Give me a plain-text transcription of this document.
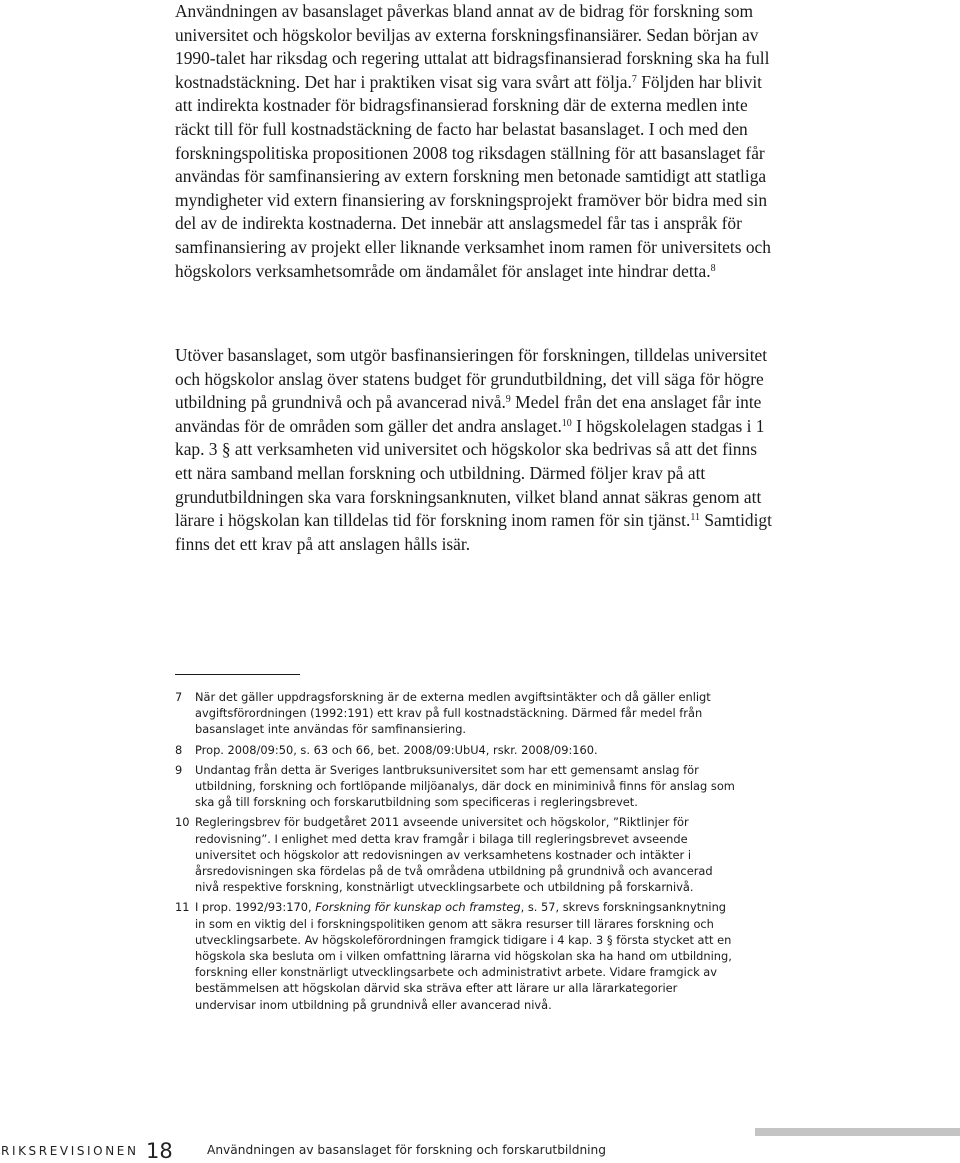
Användningen av basanslaget påverkas bland annat av de bidrag för forskning som universitet och högskolor beviljas av externa forskningsfinansiärer. Sedan början av 1990-talet har riksdag och regering uttalat att bidragsfinansierad forskning ska ha full kostnadstäckning. Det har i praktiken visat sig vara svårt att följa.$^7$ Följden har blivit att indirekta kostnader för bidragsfinansierad forskning där de externa medlen inte räckt till för full kostnadstäckning de facto har belastat basanslaget. I och med den forskningspolitiska propositionen 2008 tog riksdagen ställning för att basanslaget får användas för samfinansiering av extern forskning men betonade samtidigt att statliga myndigheter vid extern finansiering av forskningsprojekt framöver bör bidra med sin del av de indirekta kostnaderna. Det innebär att anslagsmedel får tas i anspråk för samfinansiering av projekt eller liknande verksamhet inom ramen för universitets och högskolors verksamhetsområde om ändamålet för anslaget inte hindrar detta.$^8$
Utöver basanslaget, som utgör basfinansieringen för forskningen, tilldelas universitet och högskolor anslag över statens budget för grundutbildning, det vill säga för högre utbildning på grundnivå och på avancerad nivå.$^9$ Medel från det ena anslaget får inte användas för de områden som gäller det andra anslaget.$^{10}$ I högskolelagen stadgas i 1 kap. 3 § att verksamheten vid universitet och högskolor ska bedrivas så att det finns ett nära samband mellan forskning och utbildning. Därmed följer krav på att grundutbildningen ska vara forskningsanknuten, vilket bland annat säkras genom att lärare i högskolan kan tilldelas tid för forskning inom ramen för sin tjänst.$^{11}$ Samtidigt finns det ett krav på att anslagen hålls isär.
7 När det gäller uppdragsforskning är de externa medlen avgiftsintäkter och då gäller enligt avgiftsförordningen (1992:191) ett krav på full kostnadstäckning. Därmed får medel från basanslaget inte användas för samfinansiering.
8 Prop. 2008/09:50, s. 63 och 66, bet. 2008/09:UbU4, rskr. 2008/09:160.
9 Undantag från detta är Sveriges lantbruksuniversitet som har ett gemensamt anslag för utbildning, forskning och fortlöpande miljöanalys, där dock en miniminivå finns för anslag som ska gå till forskning och forskarutbildning som specificeras i regleringsbrevet.
10 Regleringsbrev för budgetåret 2011 avseende universitet och högskolor, ”Riktlinjer för redovisning”. I enlighet med detta krav framgår i bilaga till regleringsbrevet avseende universitet och högskolor att redovisningen av verksamhetens kostnader och intäkter i årsredovisningen ska fördelas på de två områdena utbildning på grundnivå och avancerad nivå respektive forskning, konstnärligt utvecklingsarbete och utbildning på forskarnivå.
11 I prop. 1992/93:170, Forskning för kunskap och framsteg, s. 57, skrevs forskningsanknytning in som en viktig del i forskningspolitiken genom att säkra resurser till lärares forskning och utvecklingsarbete. Av högskoleförordningen framgick tidigare i 4 kap. 3 § första stycket att en högskola ska besluta om i vilken omfattning lärarna vid högskolan ska ha hand om utbildning, forskning eller konstnärligt utvecklingsarbete och administrativt arbete. Vidare framgick av bestämmelsen att högskolan därvid ska sträva efter att lärare ur alla lärarkategorier undervisar inom utbildning på grundnivå eller avancerad nivå.
RIKSREVISIONEN 18	Användningen av basanslaget för forskning och forskarutbildning
